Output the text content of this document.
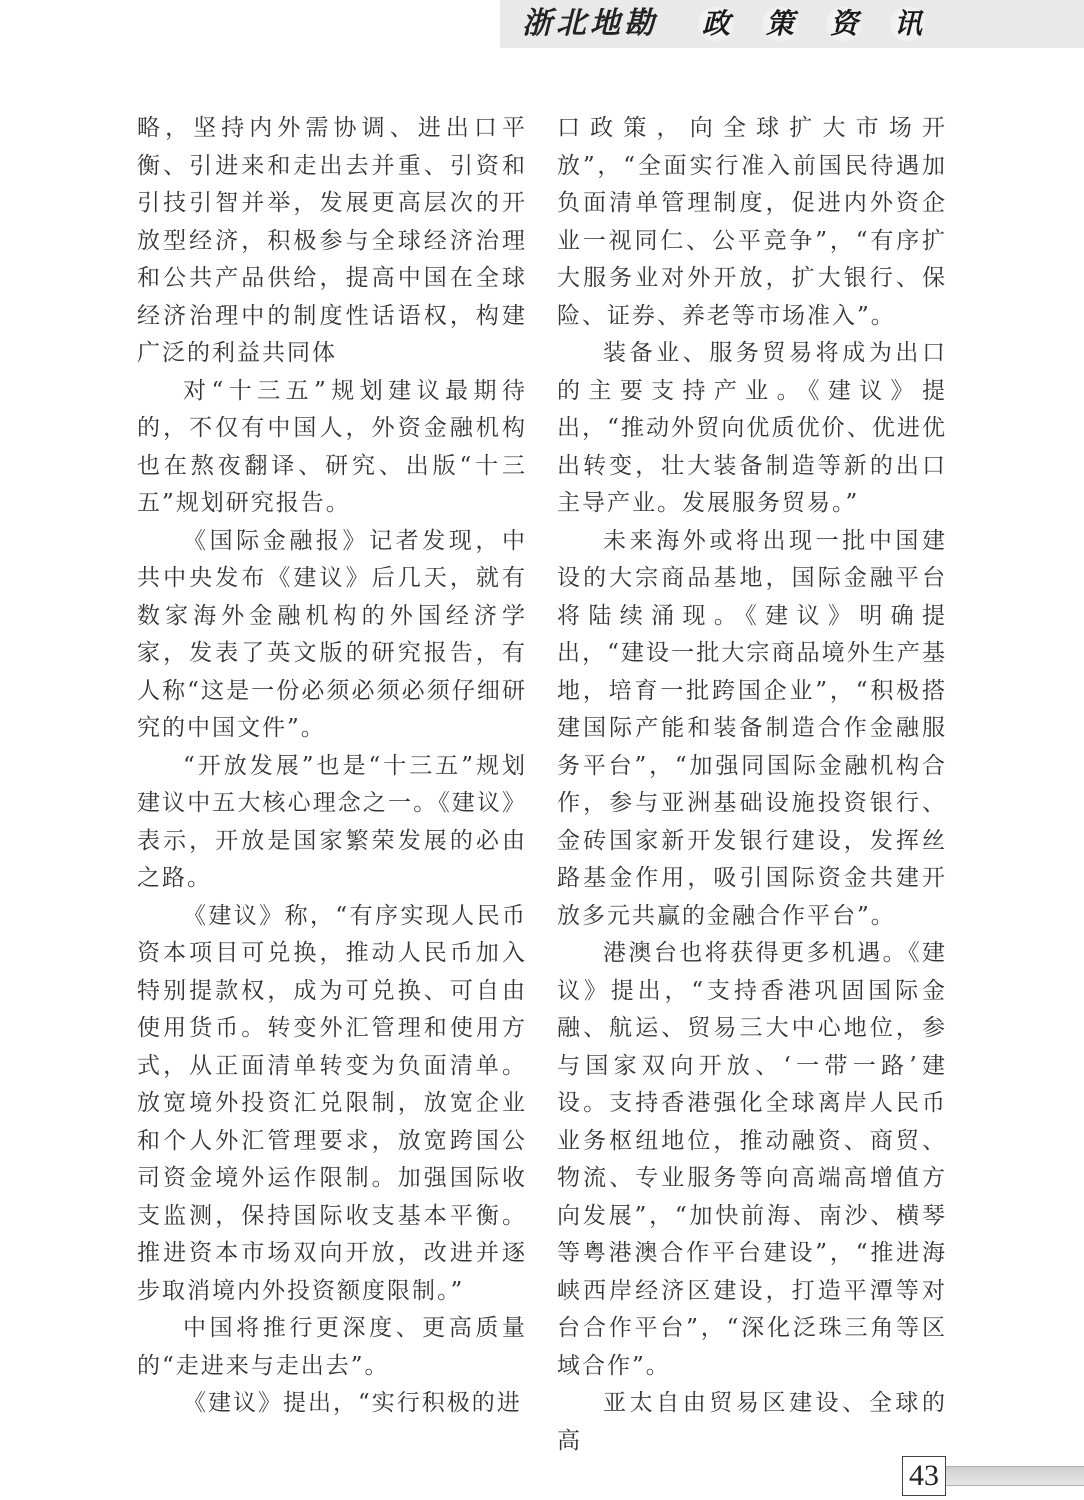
浙北地勘 政 策 资 讯

略，坚持内外需协调、进出口平衡、引进来和走出去并重、引资和引技引智并举，发展更高层次的开放型经济，积极参与全球经济治理和公共产品供给，提高中国在全球经济治理中的制度性话语权，构建广泛的利益共同体

对“十三五”规划建议最期待的，不仅有中国人，外资金融机构也在熬夜翻译、研究、出版“十三五”规划研究报告。

《国际金融报》记者发现，中共中央发布《建议》后几天，就有数家海外金融机构的外国经济学家，发表了英文版的研究报告，有人称“这是一份必须必须必须仔细研究的中国文件”。

“开放发展”也是“十三五”规划建议中五大核心理念之一。《建议》表示，开放是国家繁荣发展的必由之路。

《建议》称，“有序实现人民币资本项目可兑换，推动人民币加入特别提款权，成为可兑换、可自由使用货币。转变外汇管理和使用方式，从正面清单转变为负面清单。放宽境外投资汇兑限制，放宽企业和个人外汇管理要求，放宽跨国公司资金境外运作限制。加强国际收支监测，保持国际收支基本平衡。推进资本市场双向开放，改进并逐步取消境内外投资额度限制。”

中国将推行更深度、更高质量的“走进来与走出去”。

《建议》提出，“实行积极的进

口政策，向全球扩大市场开放”，“全面实行准入前国民待遇加负面清单管理制度，促进内外资企业一视同仁、公平竞争”，“有序扩大服务业对外开放，扩大银行、保险、证券、养老等市场准入”。

装备业、服务贸易将成为出口的主要支持产业。《建议》提出，“推动外贸向优质优价、优进优出转变，壮大装备制造等新的出口主导产业。发展服务贸易。”

未来海外或将出现一批中国建设的大宗商品基地，国际金融平台将陆续涌现。《建议》明确提出，“建设一批大宗商品境外生产基地，培育一批跨国企业”，“积极搭建国际产能和装备制造合作金融服务平台”，“加强同国际金融机构合作，参与亚洲基础设施投资银行、金砖国家新开发银行建设，发挥丝路基金作用，吸引国际资金共建开放多元共赢的金融合作平台”。

港澳台也将获得更多机遇。《建议》提出，“支持香港巩固国际金融、航运、贸易三大中心地位，参与国家双向开放、‘一带一路’建设。支持香港强化全球离岸人民币业务枢纽地位，推动融资、商贸、物流、专业服务等向高端高增值方向发展”，“加快前海、南沙、横琴等粤港澳合作平台建设”，“推进海峡西岸经济区建设，打造平潭等对台合作平台”，“深化泛珠三角等区域合作”。

亚太自由贸易区建设、全球的高

43
